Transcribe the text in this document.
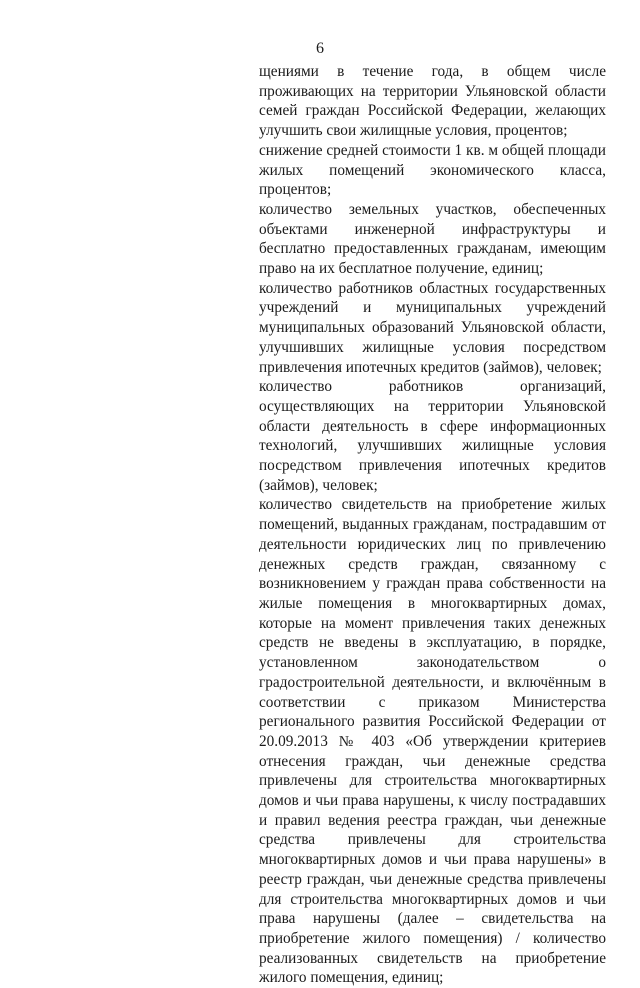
6

щениями в течение года, в общем числе проживающих на территории Ульяновской области семей граждан Российской Федерации, желающих улучшить свои жилищные условия, процентов;

снижение средней стоимости 1 кв. м общей площади жилых помещений экономического класса, процентов;

количество земельных участков, обеспеченных объектами инженерной инфраструктуры и бесплатно предоставленных гражданам, имеющим право на их бесплатное получение, единиц;

количество работников областных государственных учреждений и муниципальных учреждений муниципальных образований Ульяновской области, улучшивших жилищные условия посредством привлечения ипотечных кредитов (займов), человек;

количество работников организаций, осуществляющих на территории Ульяновской области деятельность в сфере информационных технологий, улучшивших жилищные условия посредством привлечения ипотечных кредитов (займов), человек;

количество свидетельств на приобретение жилых помещений, выданных гражданам, пострадавшим от деятельности юридических лиц по привлечению денежных средств граждан, связанному с возникновением у граждан права собственности на жилые помещения в многоквартирных домах, которые на момент привлечения таких денежных средств не введены в эксплуатацию, в порядке, установленном законодательством о градостроительной деятельности, и включённым в соответствии с приказом Министерства регионального развития Российской Федерации от 20.09.2013 № 403 «Об утверждении критериев отнесения граждан, чьи денежные средства привлечены для строительства многоквартирных домов и чьи права нарушены, к числу пострадавших и правил ведения реестра граждан, чьи денежные средства привлечены для строительства многоквартирных домов и чьи права нарушены» в реестр граждан, чьи денежные средства привлечены для строительства многоквартирных домов и чьи права нарушены (далее – свидетельства на приобретение жилого помещения) / количество реализованных свидетельств на приобретение жилого помещения, единиц;
